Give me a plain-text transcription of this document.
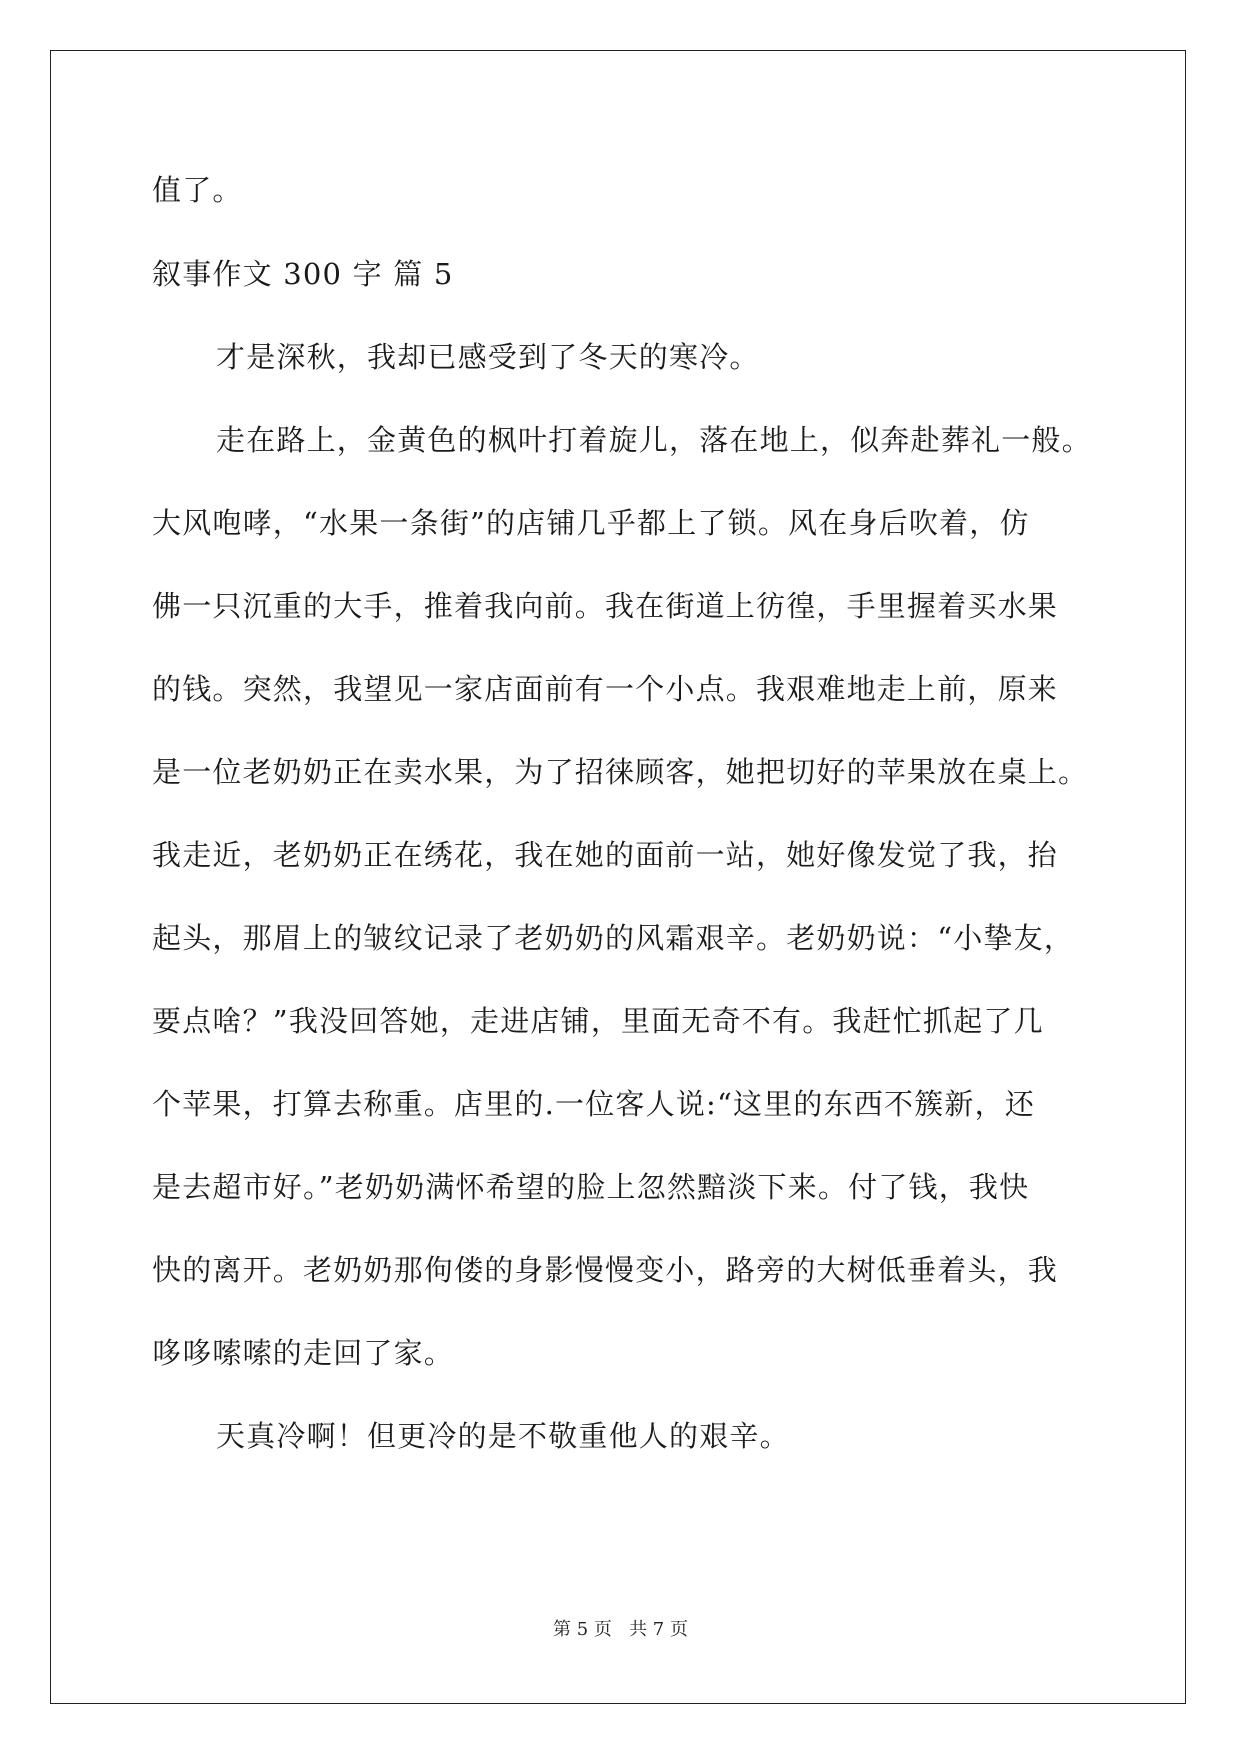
值了。
叙事作文 300 字 篇 5
才是深秋，我却已感受到了冬天的寒冷。
走在路上，金黄色的枫叶打着旋儿，落在地上，似奔赴葬礼一般。
大风咆哮，“水果一条街”的店铺几乎都上了锁。风在身后吹着，仿
佛一只沉重的大手，推着我向前。我在街道上彷徨，手里握着买水果
的钱。突然，我望见一家店面前有一个小点。我艰难地走上前，原来
是一位老奶奶正在卖水果，为了招徕顾客，她把切好的苹果放在桌上。
我走近，老奶奶正在绣花，我在她的面前一站，她好像发觉了我，抬
起头，那眉上的皱纹记录了老奶奶的风霜艰辛。老奶奶说：“小挚友，
要点啥？”我没回答她，走进店铺，里面无奇不有。我赶忙抓起了几
个苹果，打算去称重。店里的.一位客人说:“这里的东西不簇新，还
是去超市好。”老奶奶满怀希望的脸上忽然黯淡下来。付了钱，我快
快的离开。老奶奶那佝偻的身影慢慢变小，路旁的大树低垂着头，我
哆哆嗦嗦的走回了家。
天真冷啊！但更冷的是不敬重他人的艰辛。
第 5 页   共 7 页
